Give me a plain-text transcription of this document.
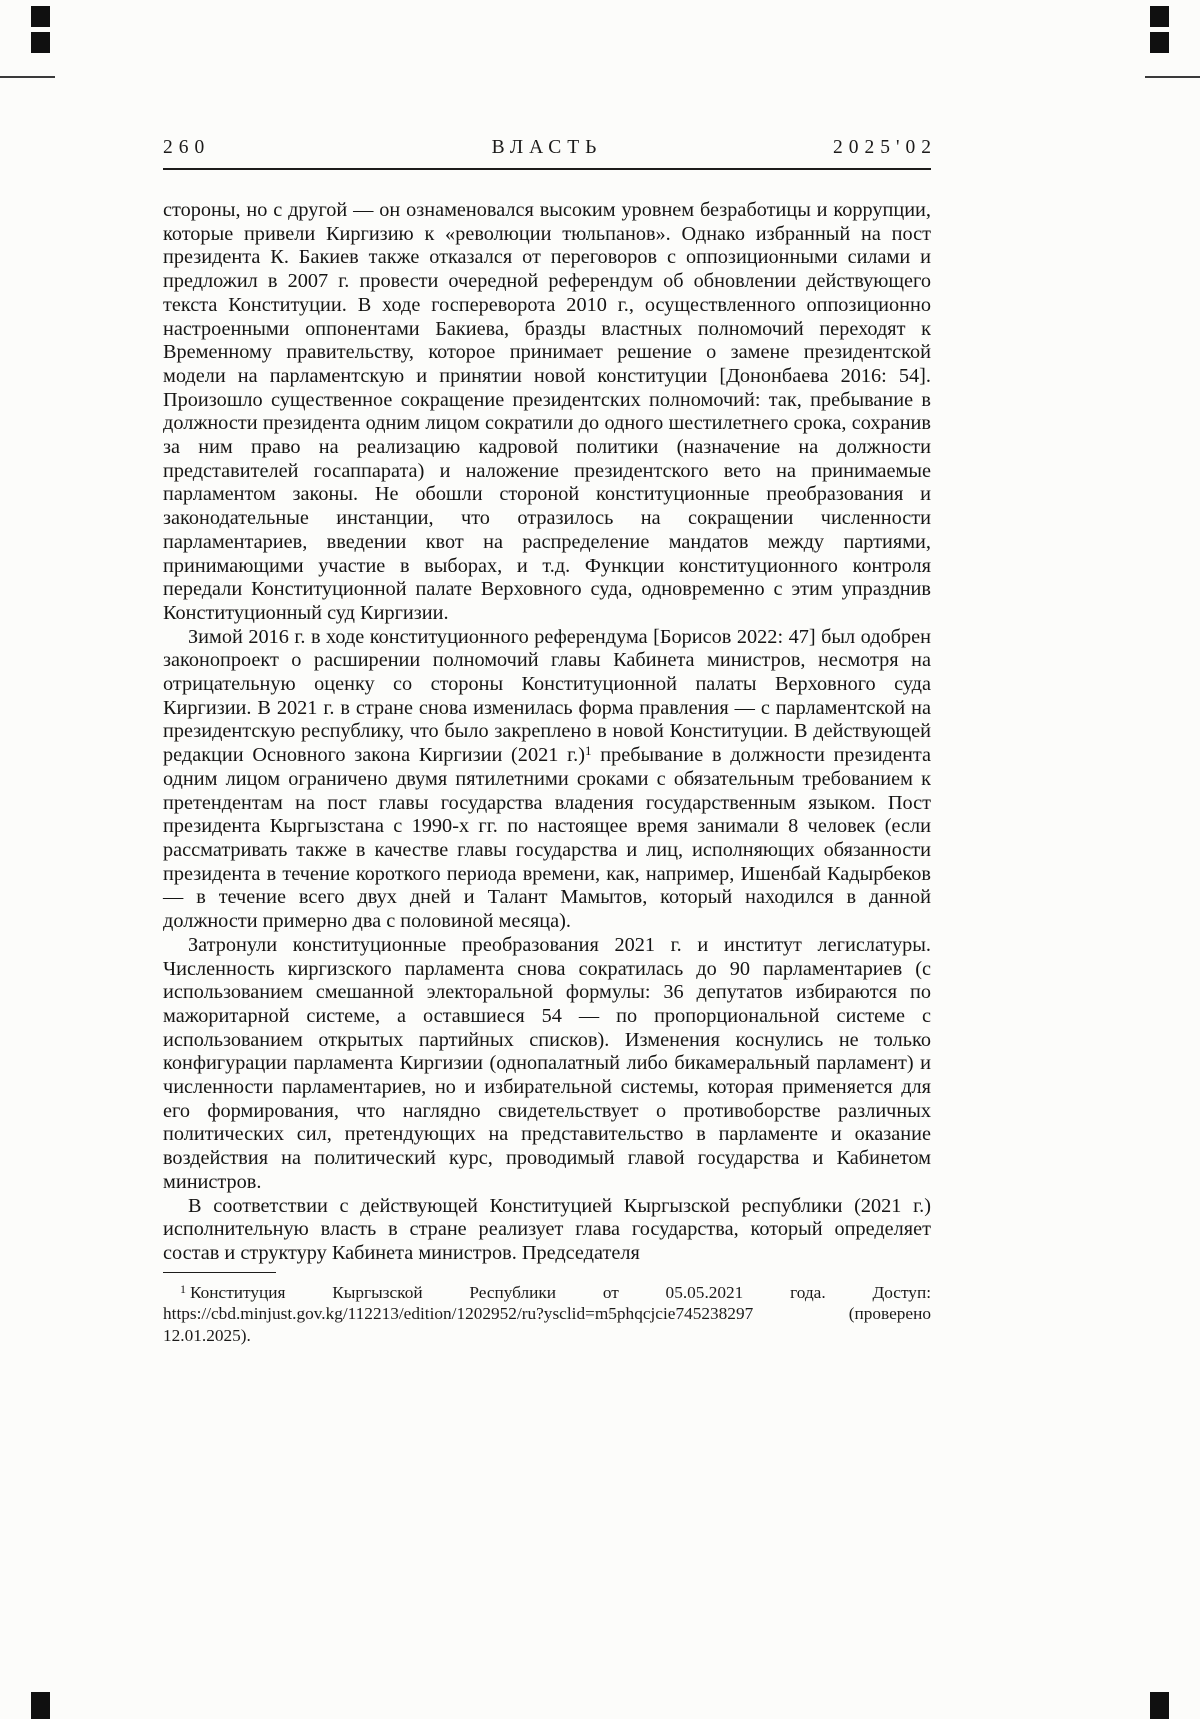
260	ВЛАСТЬ	2025'02

стороны, но с другой — он ознаменовался высоким уровнем безработицы и коррупции, которые привели Киргизию к «революции тюльпанов». Однако избранный на пост президента К. Бакиев также отказался от переговоров с оппозиционными силами и предложил в 2007 г. провести очередной референдум об обновлении действующего текста Конституции. В ходе госпереворота 2010 г., осуществленного оппозиционно настроенными оппонентами Бакиева, бразды властных полномочий переходят к Временному правительству, которое принимает решение о замене президентской модели на парламентскую и принятии новой конституции [Дононбаева 2016: 54]. Произошло существенное сокращение президентских полномочий: так, пребывание в должности президента одним лицом сократили до одного шестилетнего срока, сохранив за ним право на реализацию кадровой политики (назначение на должности представителей госаппарата) и наложение президентского вето на принимаемые парламентом законы. Не обошли стороной конституционные преобразования и законодательные инстанции, что отразилось на сокращении численности парламентариев, введении квот на распределение мандатов между партиями, принимающими участие в выборах, и т.д. Функции конституционного контроля передали Конституционной палате Верховного суда, одновременно с этим упразднив Конституционный суд Киргизии.

Зимой 2016 г. в ходе конституционного референдума [Борисов 2022: 47] был одобрен законопроект о расширении полномочий главы Кабинета министров, несмотря на отрицательную оценку со стороны Конституционной палаты Верховного суда Киргизии. В 2021 г. в стране снова изменилась форма правления — с парламентской на президентскую республику, что было закреплено в новой Конституции. В действующей редакции Основного закона Киргизии (2021 г.)$^1$ пребывание в должности президента одним лицом ограничено двумя пятилетними сроками с обязательным требованием к претендентам на пост главы государства владения государственным языком. Пост президента Кыргызстана с 1990-х гг. по настоящее время занимали 8 человек (если рассматривать также в качестве главы государства и лиц, исполняющих обязанности президента в течение короткого периода времени, как, например, Ишенбай Кадырбеков — в течение всего двух дней и Талант Мамытов, который находился в данной должности примерно два с половиной месяца).

Затронули конституционные преобразования 2021 г. и институт легислатуры. Численность киргизского парламента снова сократилась до 90 парламентариев (с использованием смешанной электоральной формулы: 36 депутатов избираются по мажоритарной системе, а оставшиеся 54 — по пропорциональной системе с использованием открытых партийных списков). Изменения коснулись не только конфигурации парламента Киргизии (однопалатный либо бикамеральный парламент) и численности парламентариев, но и избирательной системы, которая применяется для его формирования, что наглядно свидетельствует о противоборстве различных политических сил, претендующих на представительство в парламенте и оказание воздействия на политический курс, проводимый главой государства и Кабинетом министров.

В соответствии с действующей Конституцией Кыргызской республики (2021 г.) исполнительную власть в стране реализует глава государства, который определяет состав и структуру Кабинета министров. Председателя

$^1$ Конституция Кыргызской Республики от 05.05.2021 года. Доступ: https://cbd.minjust.gov.kg/112213/edition/1202952/ru?ysclid=m5phqcjcie745238297 (проверено 12.01.2025).
